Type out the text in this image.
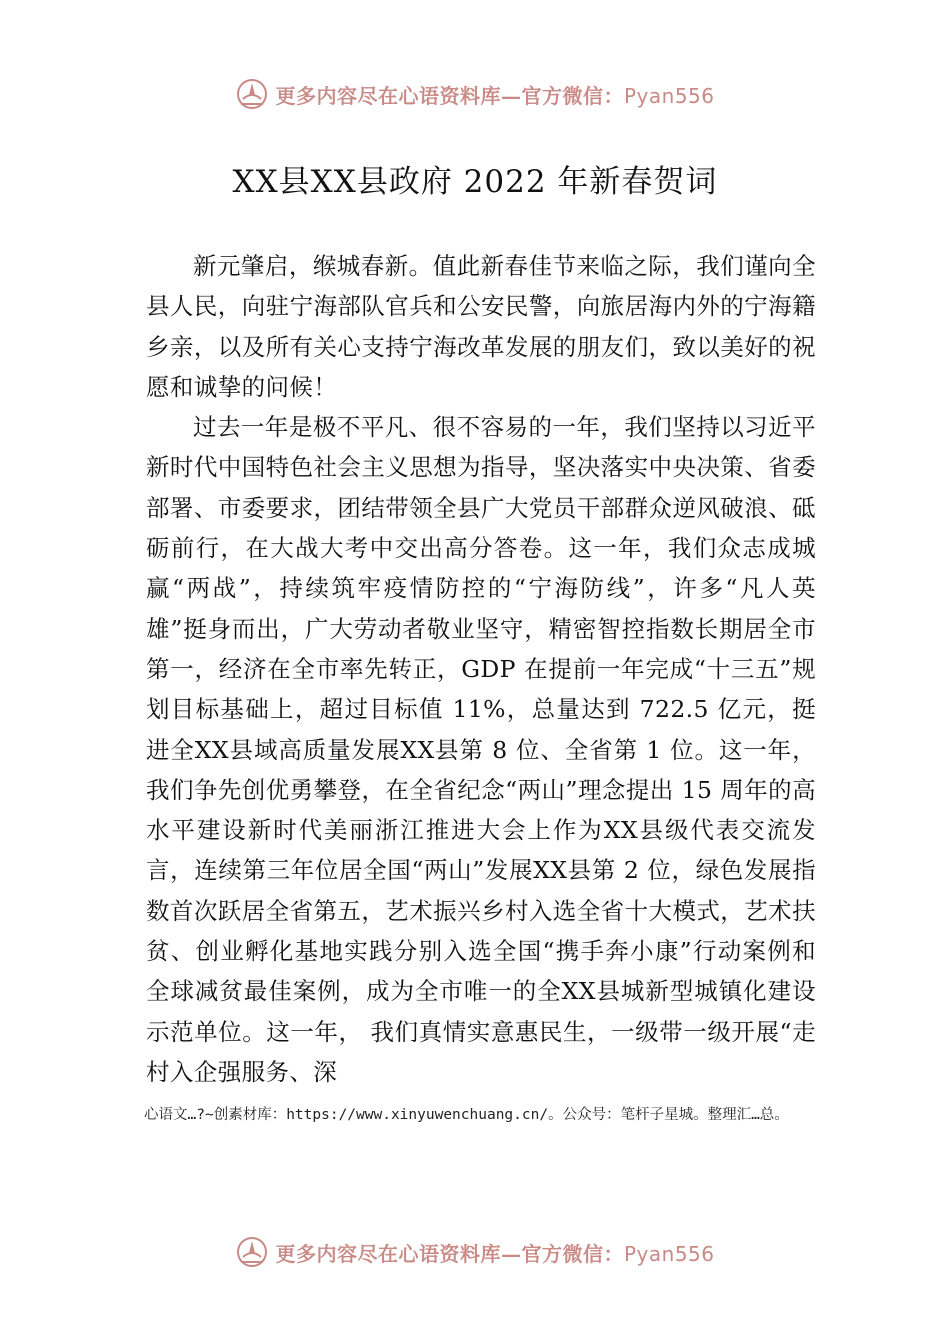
更多内容尽在心语资料库—官方微信：Pyan556
XX县XX县政府 2022 年新春贺词

新元肇启，缑城春新。值此新春佳节来临之际，我们谨向全县人民，向驻宁海部队官兵和公安民警，向旅居海内外的宁海籍乡亲，以及所有关心支持宁海改革发展的朋友们，致以美好的祝愿和诚挚的问候！

过去一年是极不平凡、很不容易的一年，我们坚持以习近平新时代中国特色社会主义思想为指导，坚决落实中央决策、省委部署、市委要求，团结带领全县广大党员干部群众逆风破浪、砥砺前行，在大战大考中交出高分答卷。这一年，我们众志成城赢“两战”，持续筑牢疫情防控的“宁海防线”，许多“凡人英雄”挺身而出，广大劳动者敬业坚守，精密智控指数长期居全市第一，经济在全市率先转正，GDP 在提前一年完成“十三五”规划目标基础上，超过目标值 11%，总量达到 722.5 亿元，挺进全XX县域高质量发展XX县第 8 位、全省第 1 位。这一年，我们争先创优勇攀登，在全省纪念“两山”理念提出 15 周年的高水平建设新时代美丽浙江推进大会上作为XX县级代表交流发言，连续第三年位居全国“两山”发展XX县第 2 位，绿色发展指数首次跃居全省第五，艺术振兴乡村入选全省十大模式，艺术扶贫、创业孵化基地实践分别入选全国“携手奔小康”行动案例和全球减贫最佳案例，成为全市唯一的全XX县城新型城镇化建设示范单位。这一年， 我们真情实意惠民生，一级带一级开展“走村入企强服务、深

心语文…?~创素材库：https://www.xinyuwenchuang.cn/。公众号：笔杆子星城。整理汇…总。

更多内容尽在心语资料库—官方微信：Pyan556
